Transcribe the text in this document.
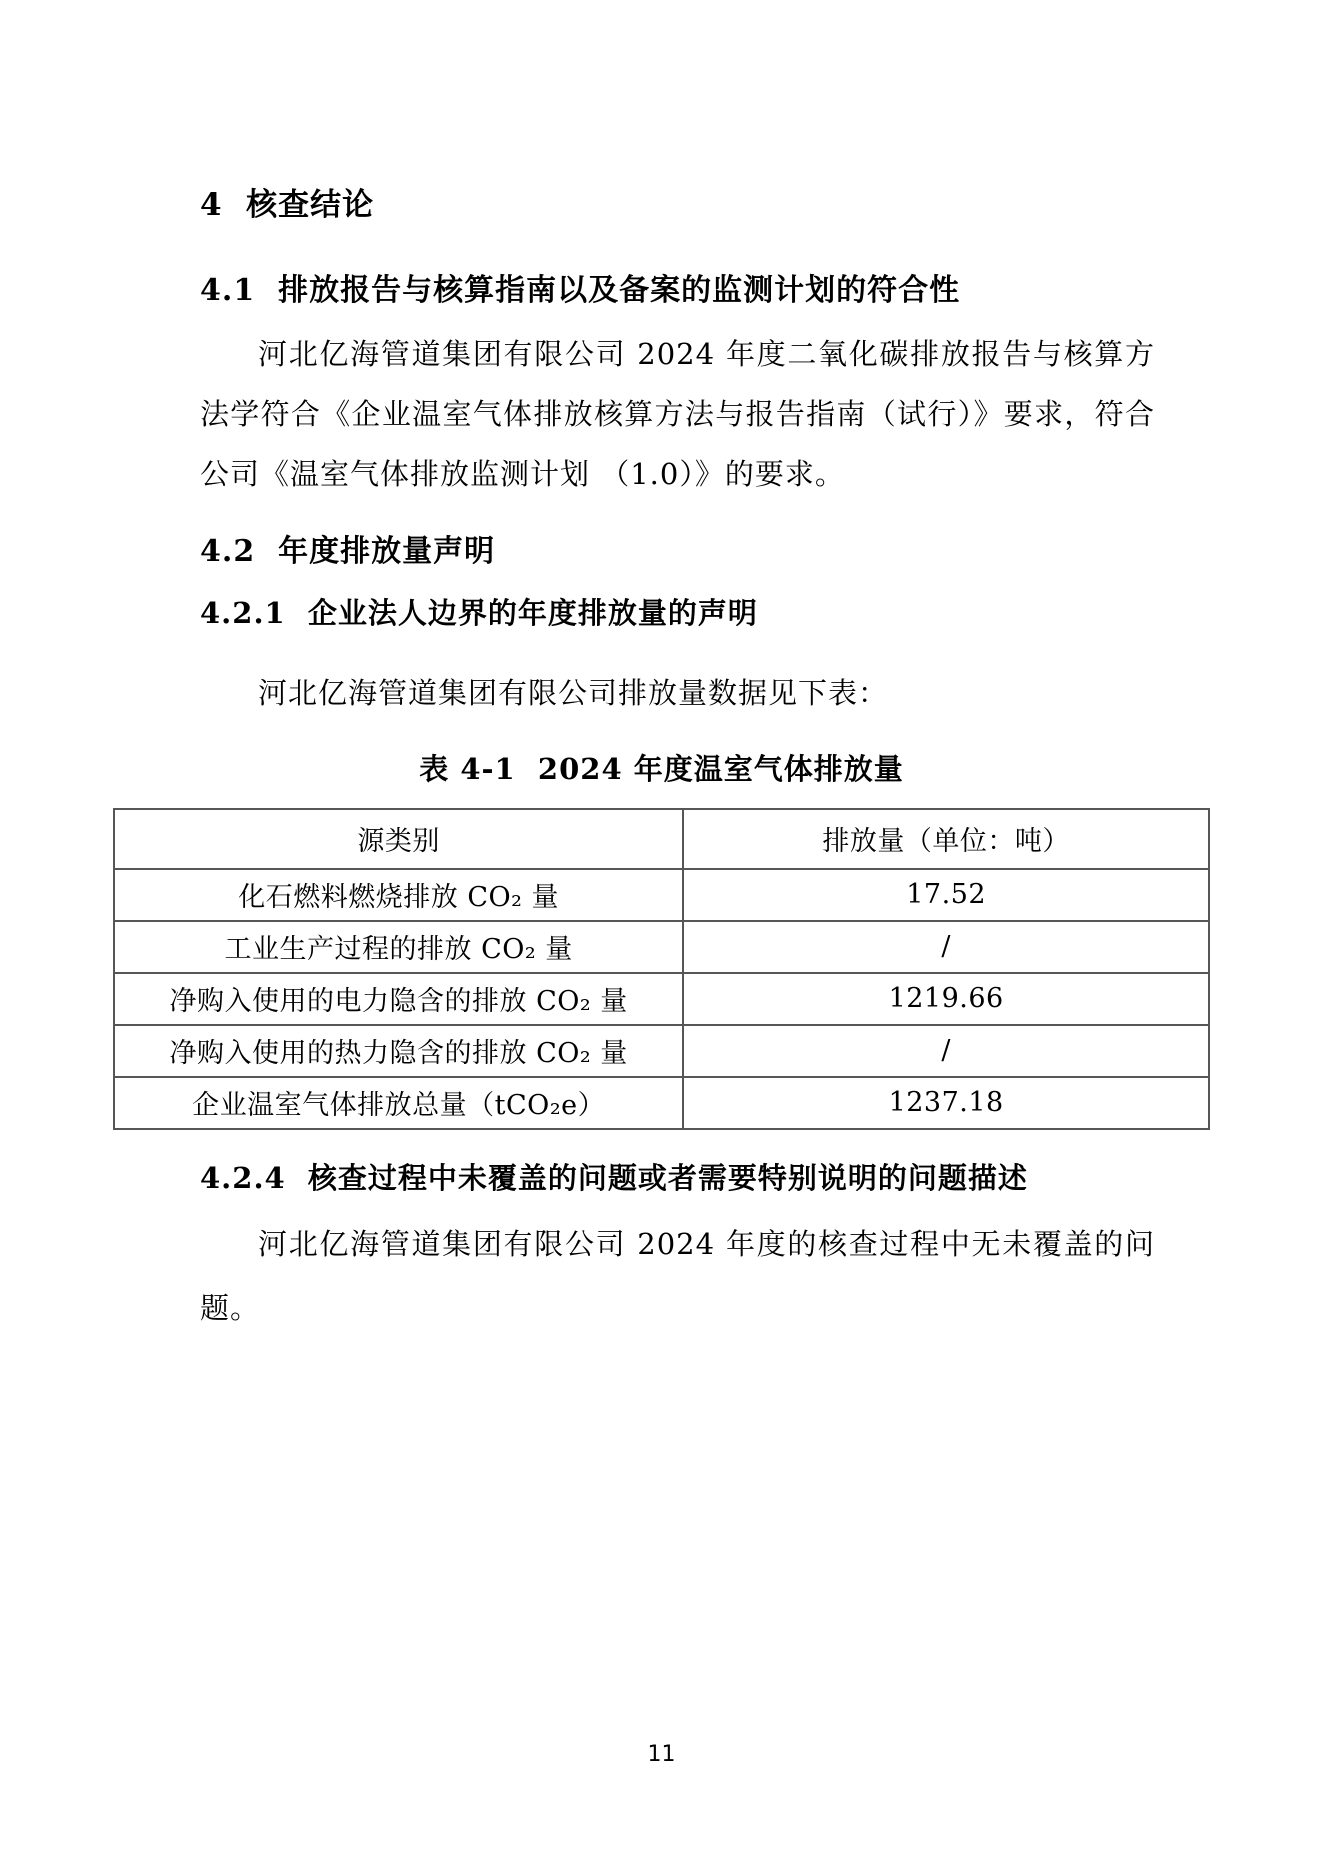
4  核查结论
4.1  排放报告与核算指南以及备案的监测计划的符合性

河北亿海管道集团有限公司 2024 年度二氧化碳排放报告与核算方法学符合《企业温室气体排放核算方法与报告指南（试行）》要求，符合公司《温室气体排放监测计划 （1.0）》的要求。

4.2  年度排放量声明
4.2.1  企业法人边界的年度排放量的声明

河北亿海管道集团有限公司排放量数据见下表：

表 4-1  2024 年度温室气体排放量
源类别	排放量（单位：吨）
化石燃料燃烧排放 CO₂ 量	17.52
工业生产过程的排放 CO₂ 量	/
净购入使用的电力隐含的排放 CO₂ 量	1219.66
净购入使用的热力隐含的排放 CO₂ 量	/
企业温室气体排放总量（tCO₂e）	1237.18
4.2.4  核查过程中未覆盖的问题或者需要特别说明的问题描述

河北亿海管道集团有限公司 2024 年度的核查过程中无未覆盖的问题。

11
